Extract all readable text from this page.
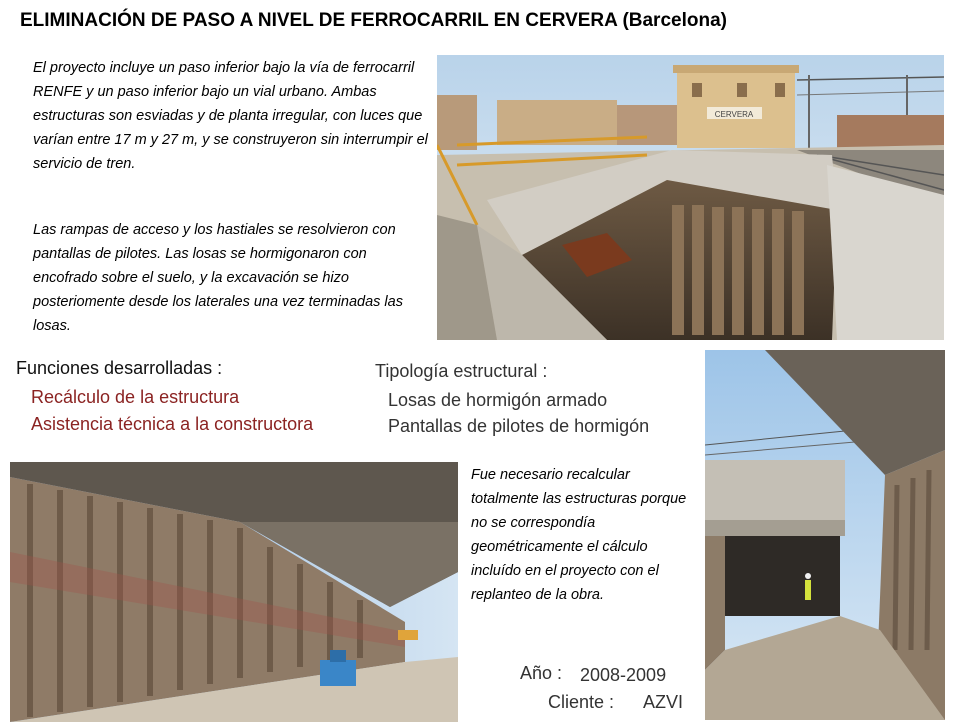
ELIMINACIÓN DE PASO A NIVEL DE FERROCARRIL EN CERVERA (Barcelona)
El proyecto incluye un paso inferior bajo la vía de ferrocarril RENFE y un paso inferior bajo un vial urbano. Ambas estructuras son esviadas y de planta irregular, con luces que varían entre 17 m y 27 m, y se construyeron sin interrumpir el servicio de tren.
Las rampas de acceso y los hastiales se resolvieron con pantallas de pilotes. Las losas se hormigonaron con encofrado sobre el suelo, y la excavación se hizo posteriomente desde los laterales una vez terminadas las losas.
Fue necesario recalcular totalmente las estructuras porque no se correspondía geométricamente el cálculo incluído en el proyecto con el replanteo de la obra.
Funciones desarrolladas :
Recálculo de la estructura
Asistencia técnica a la constructora
Tipología estructural :
Losas de hormigón armado
Pantallas de pilotes de hormigón
Año : 2008-2009
Cliente : AZVI
CERVERA
